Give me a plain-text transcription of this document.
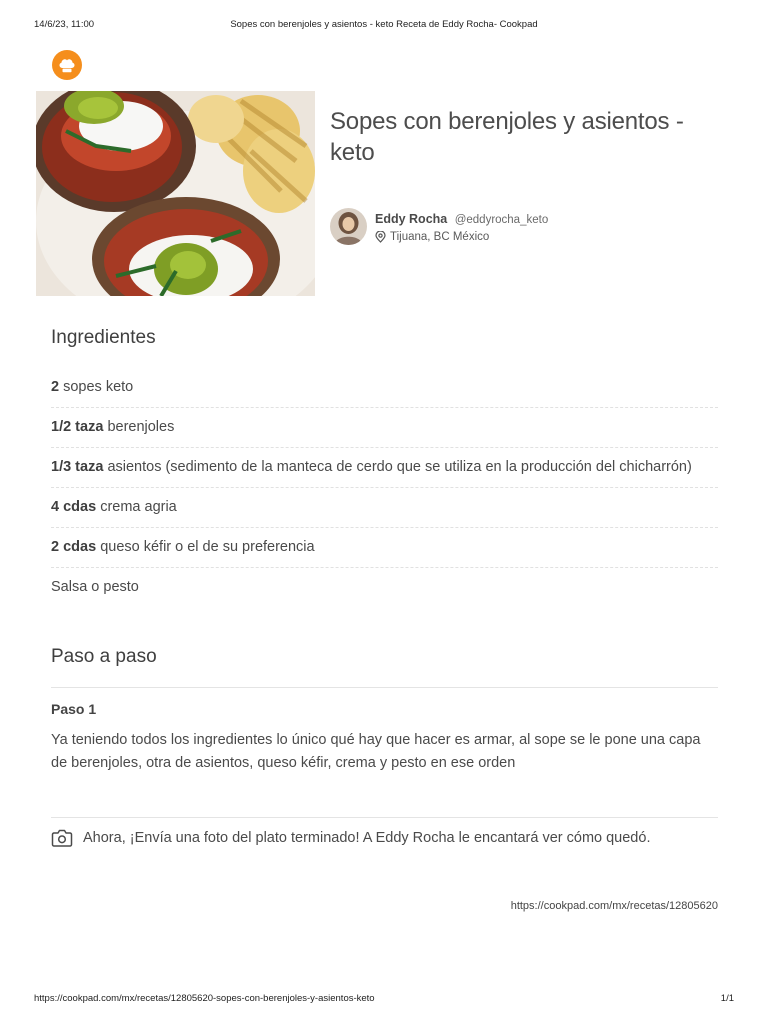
14/6/23, 11:00	Sopes con berenjoles y asientos - keto Receta de Eddy Rocha- Cookpad
Sopes con berenjoles y asientos - keto
Eddy Rocha @eddyrocha_keto
Tijuana, BC México
Ingredientes
2 sopes keto
1/2 taza berenjoles
1/3 taza asientos (sedimento de la manteca de cerdo que se utiliza en la producción del chicharrón)
4 cdas crema agria
2 cdas queso kéfir o el de su preferencia
Salsa o pesto
Paso a paso
Paso 1

Ya teniendo todos los ingredientes lo único qué hay que hacer es armar, al sope se le pone una capa de berenjoles, otra de asientos, queso kéfir, crema y pesto en ese orden

Ahora, ¡Envía una foto del plato terminado! A Eddy Rocha le encantará ver cómo quedó.
https://cookpad.com/mx/recetas/12805620
https://cookpad.com/mx/recetas/12805620-sopes-con-berenjoles-y-asientos-keto	1/1
